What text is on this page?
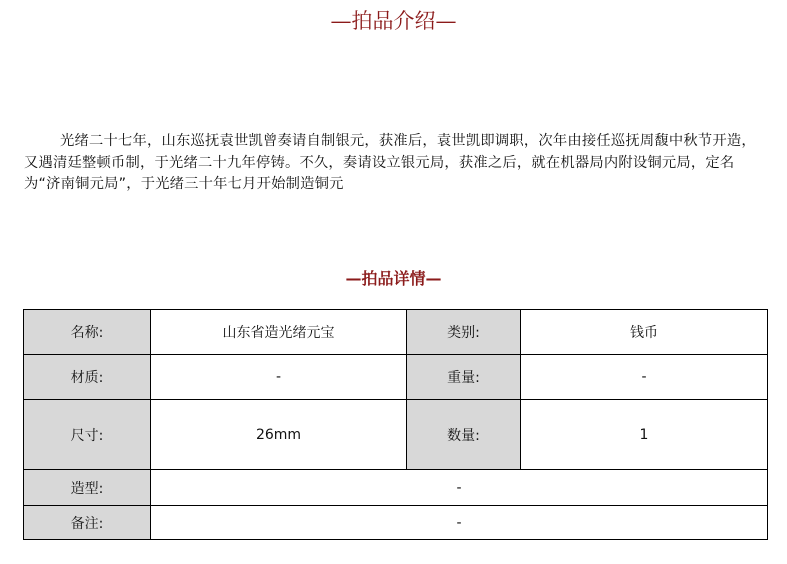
—拍品介绍—

光绪二十七年，山东巡抚袁世凯曾奏请自制银元，获准后，袁世凯即调职，次年由接任巡抚周馥中秋节开造，又遇清廷整顿币制，于光绪二十九年停铸。不久，奏请设立银元局，获准之后，就在机器局内附设铜元局，定名为“济南铜元局”，于光绪三十年七月开始制造铜元

—拍品详情—
名称:	山东省造光绪元宝	类别:	钱币
材质:	-	重量:	-
尺寸:	26mm	数量:	1
造型:	-		
备注:	-		
